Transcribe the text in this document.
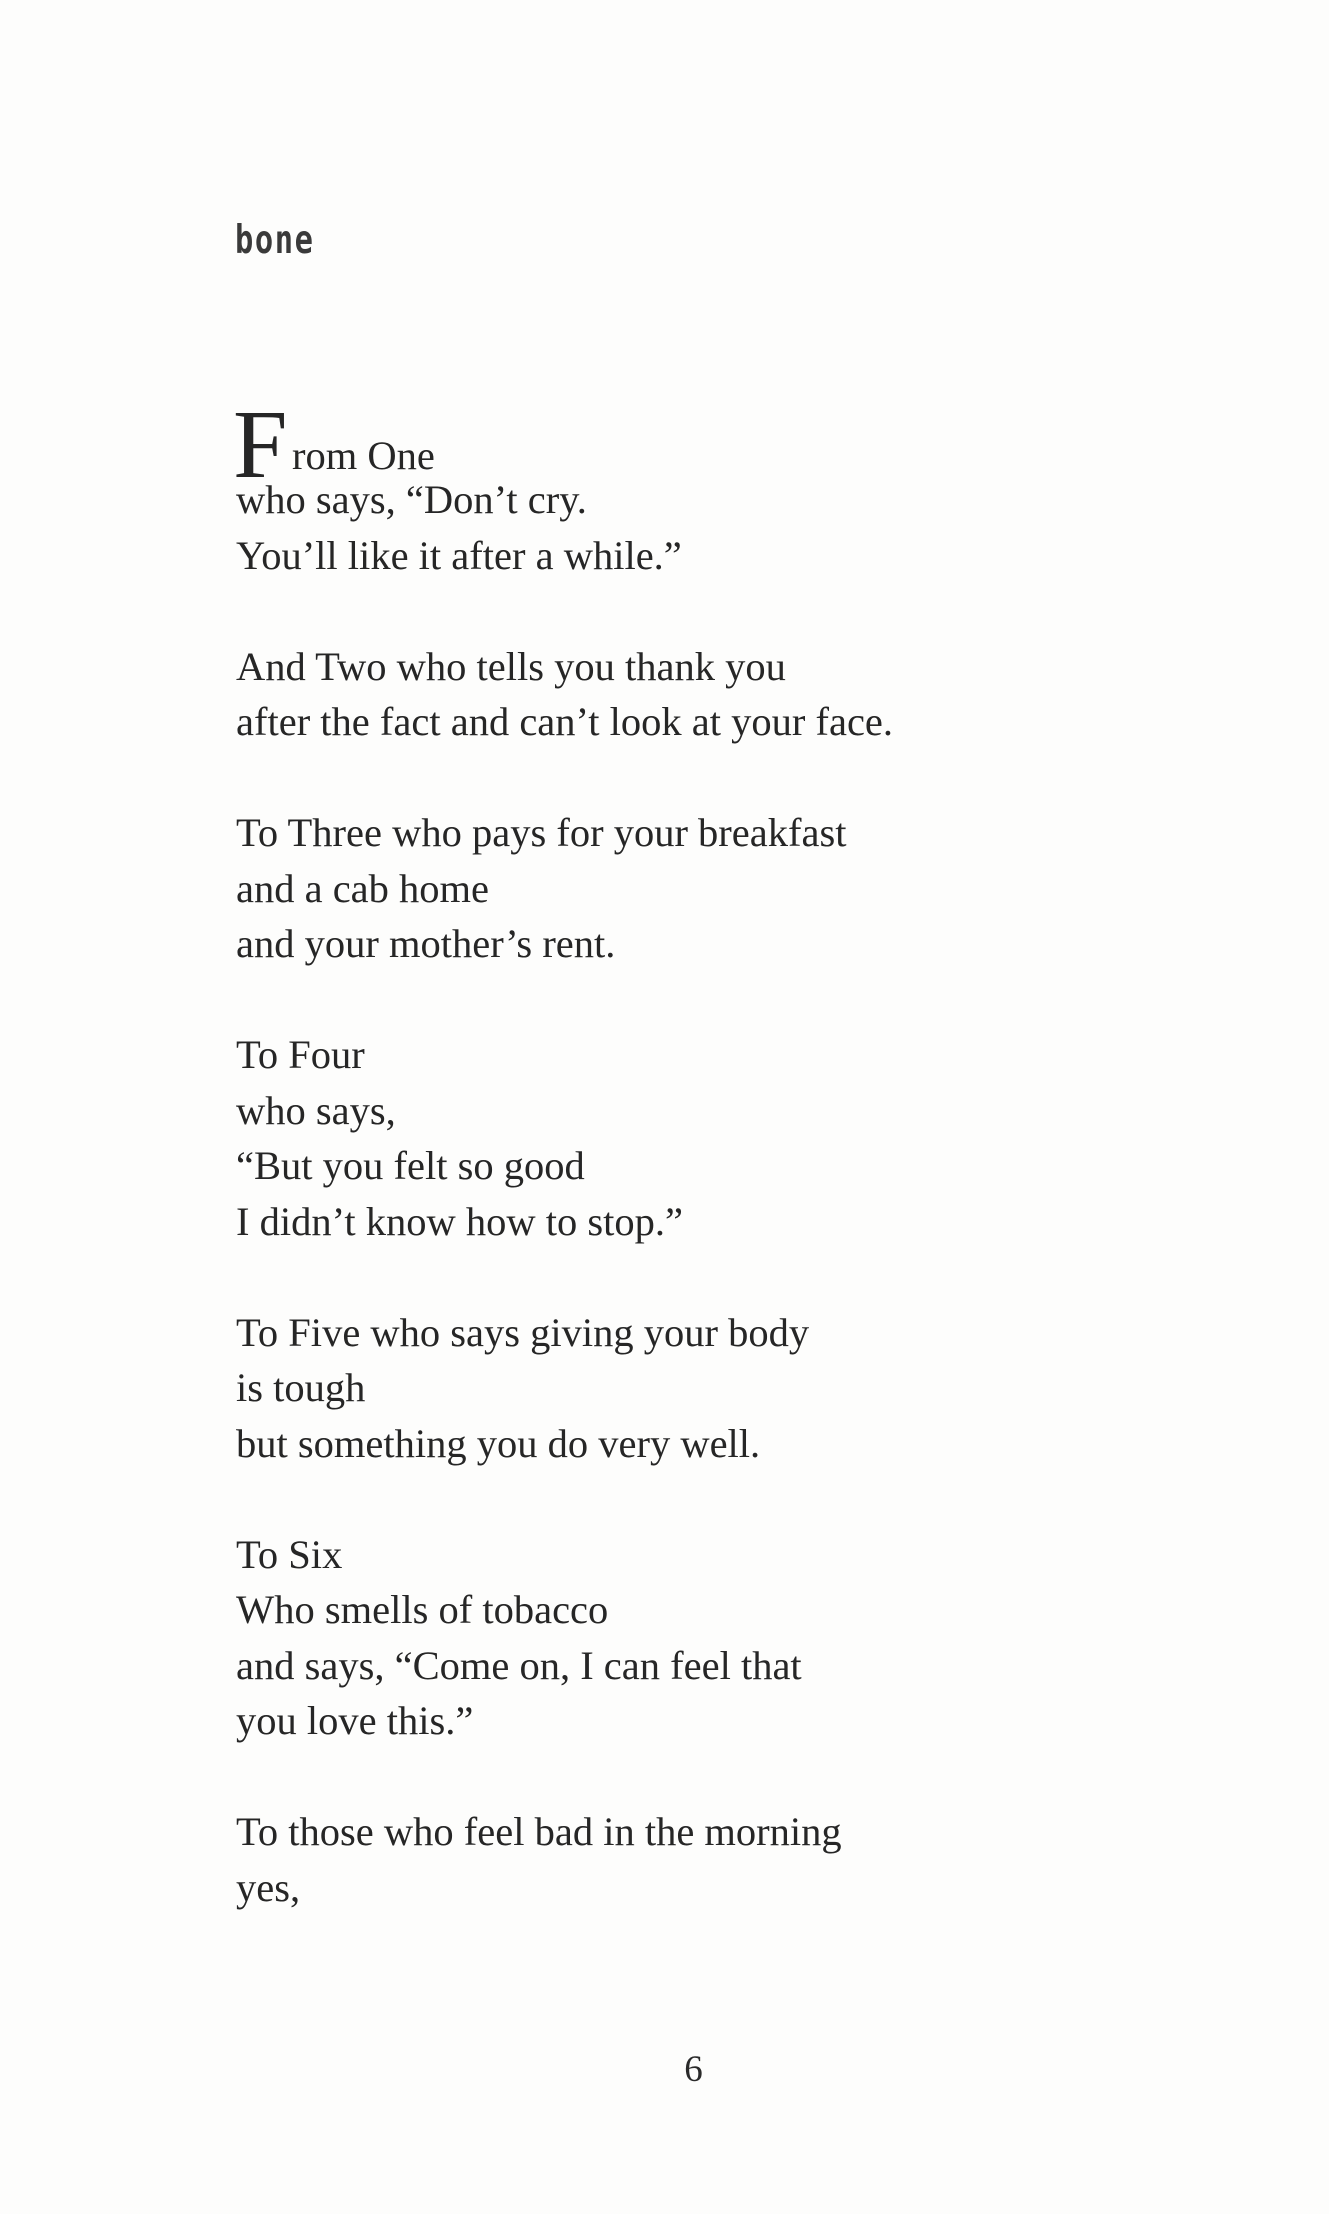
bone
F rom One
who says, “Don’t cry.
You’ll like it after a while.”
And Two who tells you thank you
after the fact and can’t look at your face.
To Three who pays for your breakfast
and a cab home
and your mother’s rent.
To Four
who says,
“But you felt so good
I didn’t know how to stop.”
To Five who says giving your body
is tough
but something you do very well.
To Six
Who smells of tobacco
and says, “Come on, I can feel that
you love this.”
To those who feel bad in the morning
yes,
6
